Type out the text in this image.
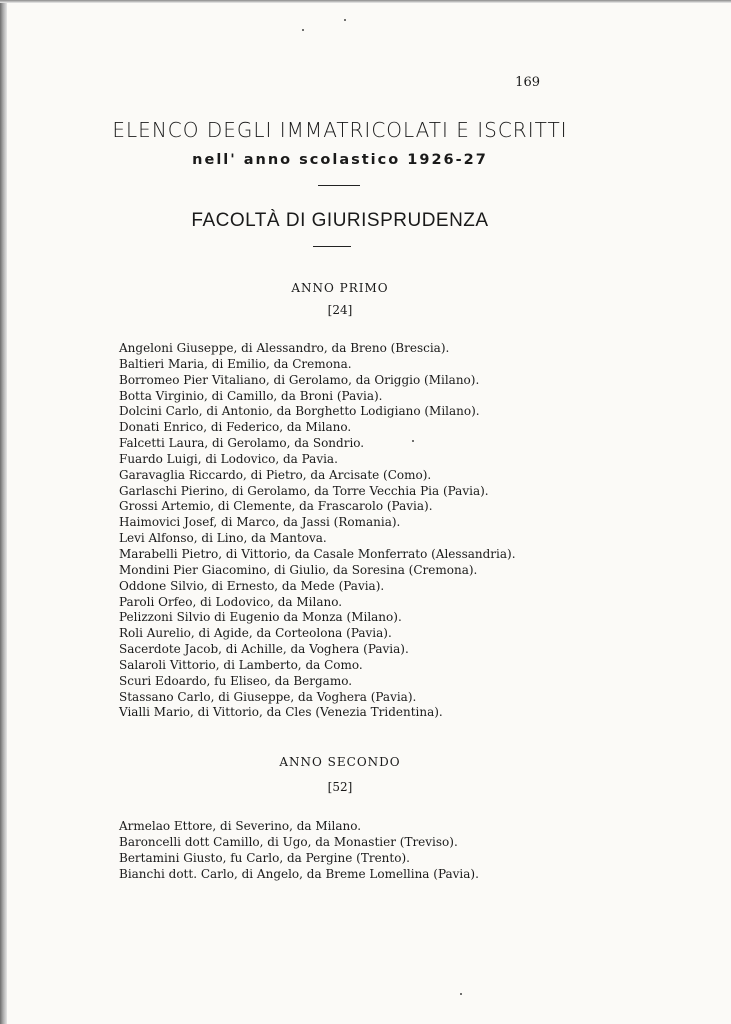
169
ELENCO DEGLI IMMATRICOLATI E ISCRITTI
nell' anno scolastico 1926-27
FACOLTÀ DI GIURISPRUDENZA
ANNO PRIMO
[24]
Angeloni Giuseppe, di Alessandro, da Breno (Brescia).
Baltieri Maria, di Emilio, da Cremona.
Borromeo Pier Vitaliano, di Gerolamo, da Origgio (Milano).
Botta Virginio, di Camillo, da Broni (Pavia).
Dolcini Carlo, di Antonio, da Borghetto Lodigiano (Milano).
Donati Enrico, di Federico, da Milano.
Falcetti Laura, di Gerolamo, da Sondrio.
Fuardo Luigi, di Lodovico, da Pavia.
Garavaglia Riccardo, di Pietro, da Arcisate (Como).
Garlaschi Pierino, di Gerolamo, da Torre Vecchia Pia (Pavia).
Grossi Artemio, di Clemente, da Frascarolo (Pavia).
Haimovici Josef, di Marco, da Jassi (Romania).
Levi Alfonso, di Lino, da Mantova.
Marabelli Pietro, di Vittorio, da Casale Monferrato (Alessandria).
Mondini Pier Giacomino, di Giulio, da Soresina (Cremona).
Oddone Silvio, di Ernesto, da Mede (Pavia).
Paroli Orfeo, di Lodovico, da Milano.
Pelizzoni Silvio di Eugenio da Monza (Milano).
Roli Aurelio, di Agide, da Corteolona (Pavia).
Sacerdote Jacob, di Achille, da Voghera (Pavia).
Salaroli Vittorio, di Lamberto, da Como.
Scuri Edoardo, fu Eliseo, da Bergamo.
Stassano Carlo, di Giuseppe, da Voghera (Pavia).
Vialli Mario, di Vittorio, da Cles (Venezia Tridentina).
ANNO SECONDO
[52]
Armelao Ettore, di Severino, da Milano.
Baroncelli dott Camillo, di Ugo, da Monastier (Treviso).
Bertamini Giusto, fu Carlo, da Pergine (Trento).
Bianchi dott. Carlo, di Angelo, da Breme Lomellina (Pavia).
